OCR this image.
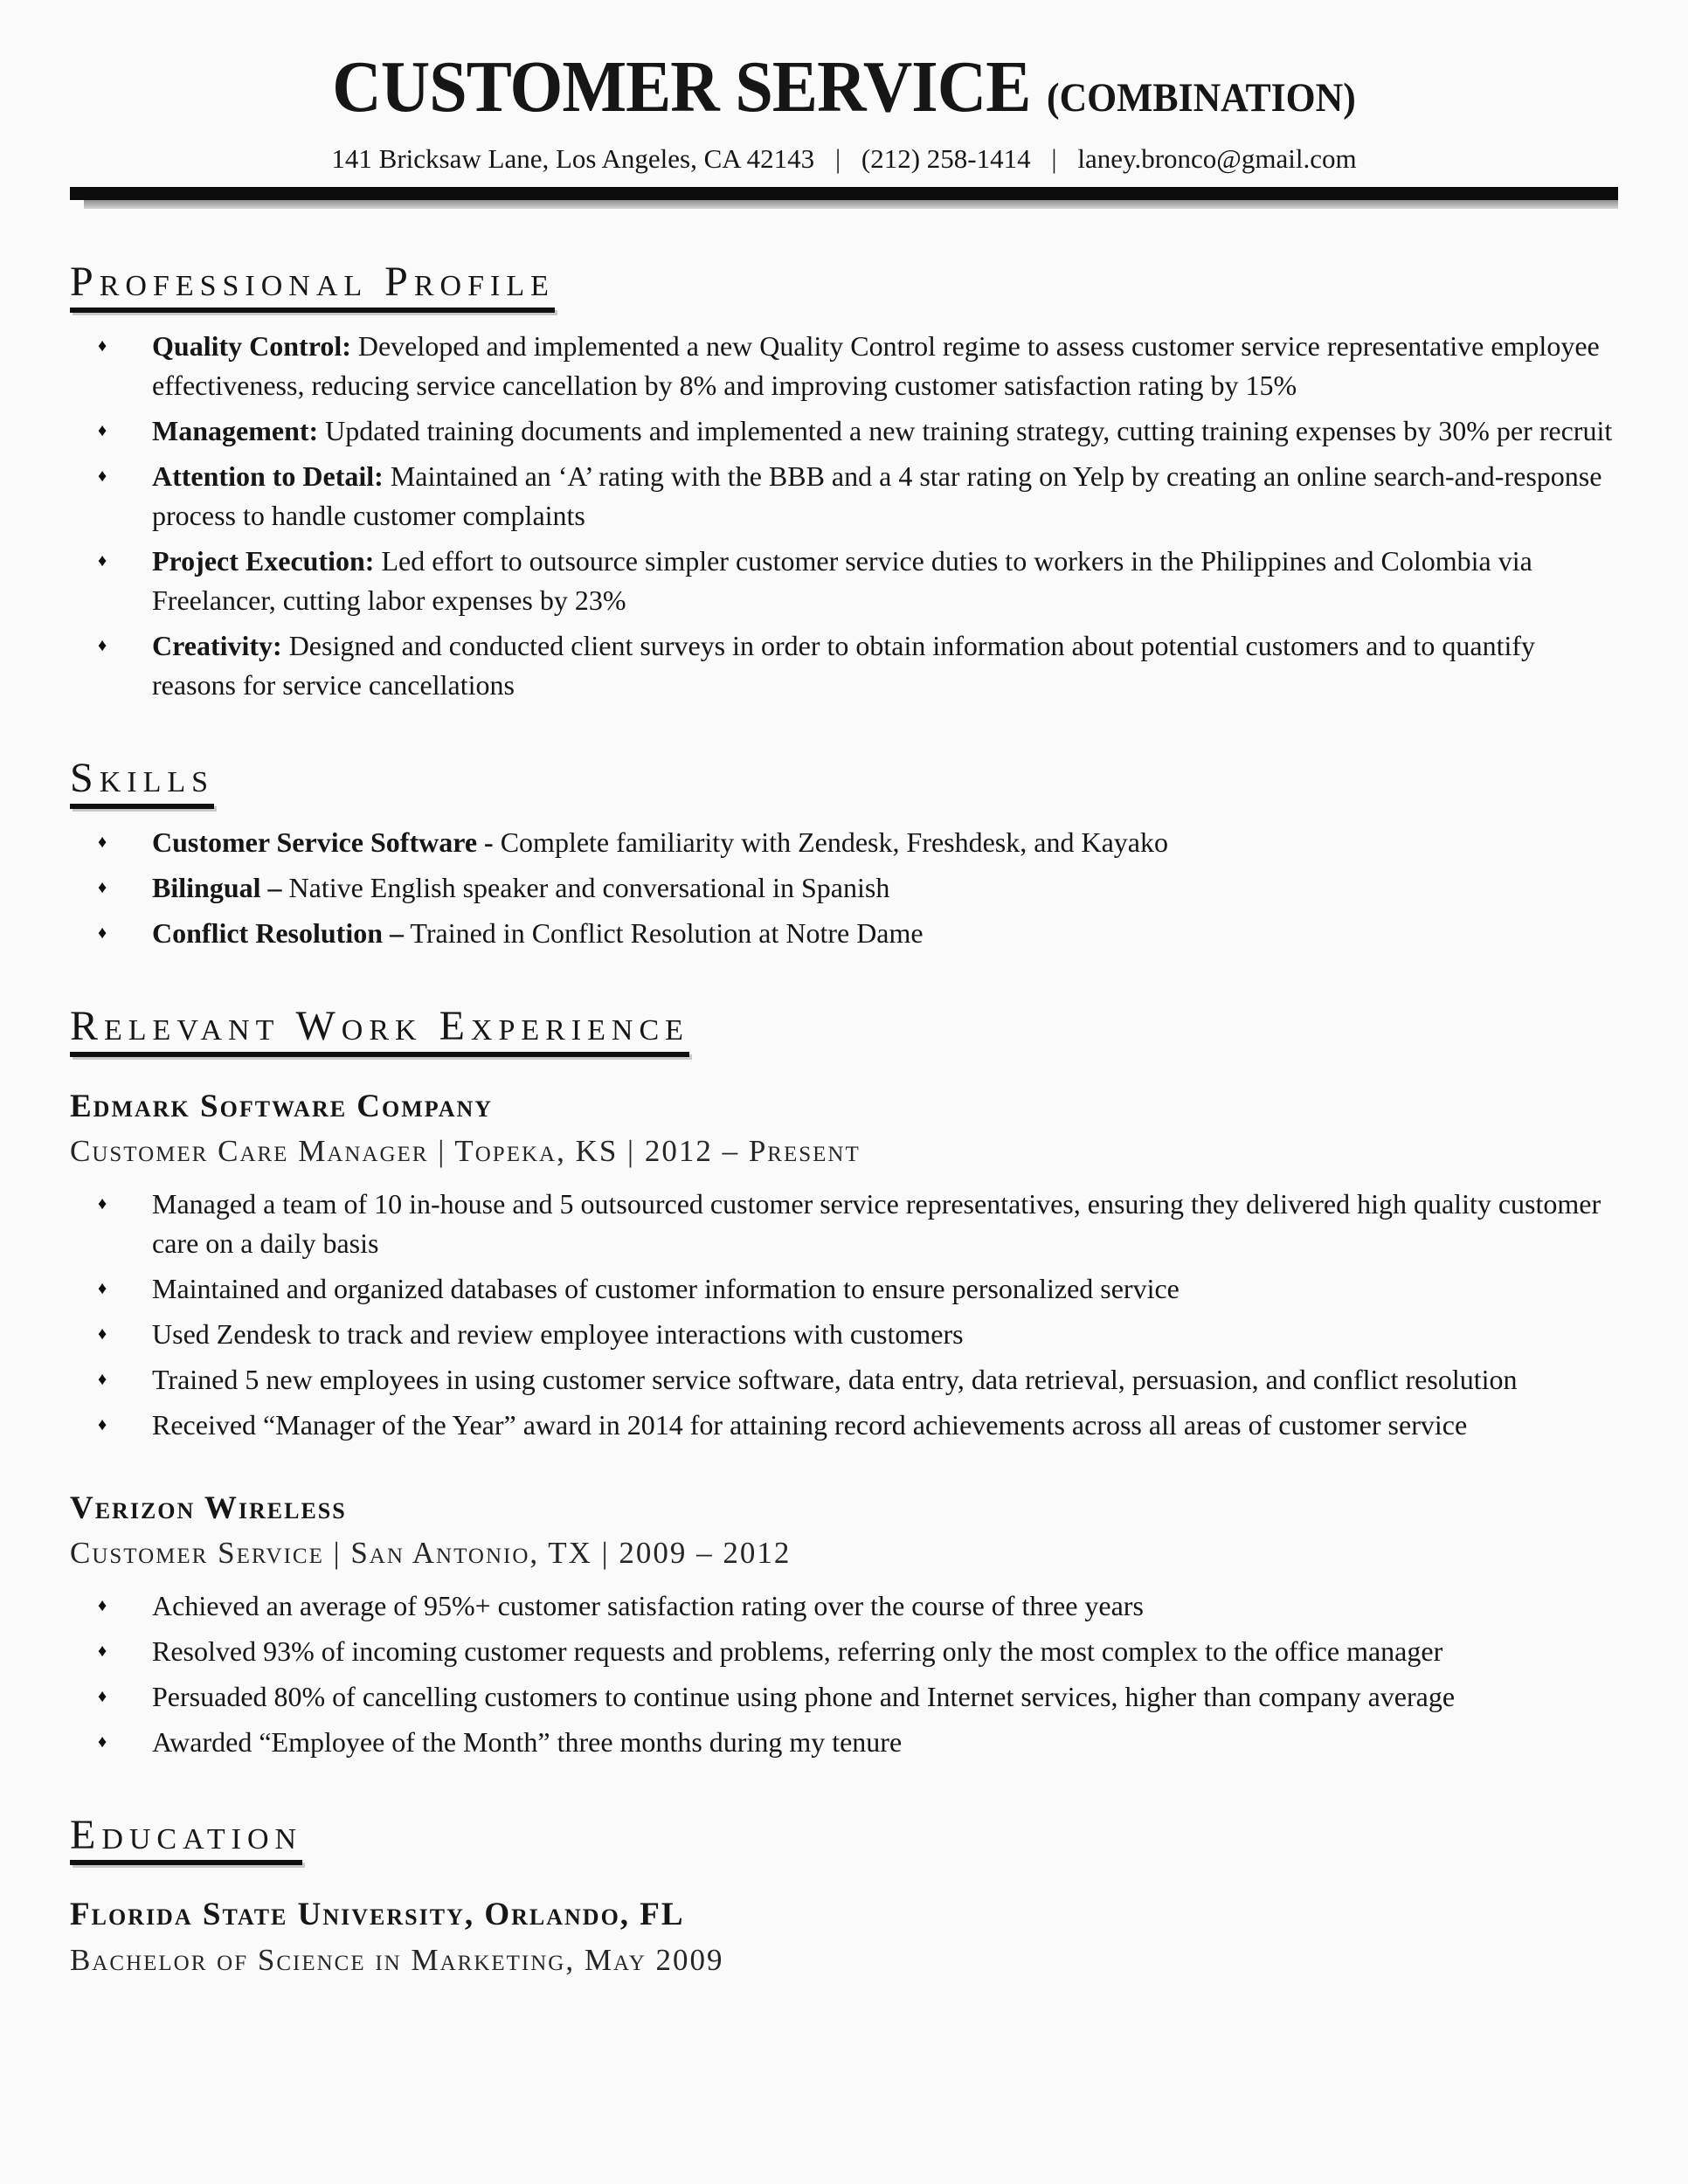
CUSTOMER SERVICE (COMBINATION)
141 Bricksaw Lane, Los Angeles, CA 42143 | (212) 258-1414 | laney.bronco@gmail.com
Professional Profile
♦	Quality Control: Developed and implemented a new Quality Control regime to assess customer service representative employee effectiveness, reducing service cancellation by 8% and improving customer satisfaction rating by 15%
♦	Management: Updated training documents and implemented a new training strategy, cutting training expenses by 30% per recruit
♦	Attention to Detail: Maintained an ‘A’ rating with the BBB and a 4 star rating on Yelp by creating an online search-and-response process to handle customer complaints
♦	Project Execution: Led effort to outsource simpler customer service duties to workers in the Philippines and Colombia via Freelancer, cutting labor expenses by 23%
♦	Creativity: Designed and conducted client surveys in order to obtain information about potential customers and to quantify reasons for service cancellations
Skills
♦	Customer Service Software - Complete familiarity with Zendesk, Freshdesk, and Kayako
♦	Bilingual – Native English speaker and conversational in Spanish
♦	Conflict Resolution – Trained in Conflict Resolution at Notre Dame
Relevant Work Experience
Edmark Software Company
Customer Care Manager | Topeka, KS | 2012 – Present
♦	Managed a team of 10 in-house and 5 outsourced customer service representatives, ensuring they delivered high quality customer care on a daily basis
♦	Maintained and organized databases of customer information to ensure personalized service
♦	Used Zendesk to track and review employee interactions with customers
♦	Trained 5 new employees in using customer service software, data entry, data retrieval, persuasion, and conflict resolution
♦	Received “Manager of the Year” award in 2014 for attaining record achievements across all areas of customer service
Verizon Wireless
Customer Service | San Antonio, TX | 2009 – 2012
♦	Achieved an average of 95%+ customer satisfaction rating over the course of three years
♦	Resolved 93% of incoming customer requests and problems, referring only the most complex to the office manager
♦	Persuaded 80% of cancelling customers to continue using phone and Internet services, higher than company average
♦	Awarded “Employee of the Month” three months during my tenure
Education
Florida State University, Orlando, FL
Bachelor of Science in Marketing, May 2009
